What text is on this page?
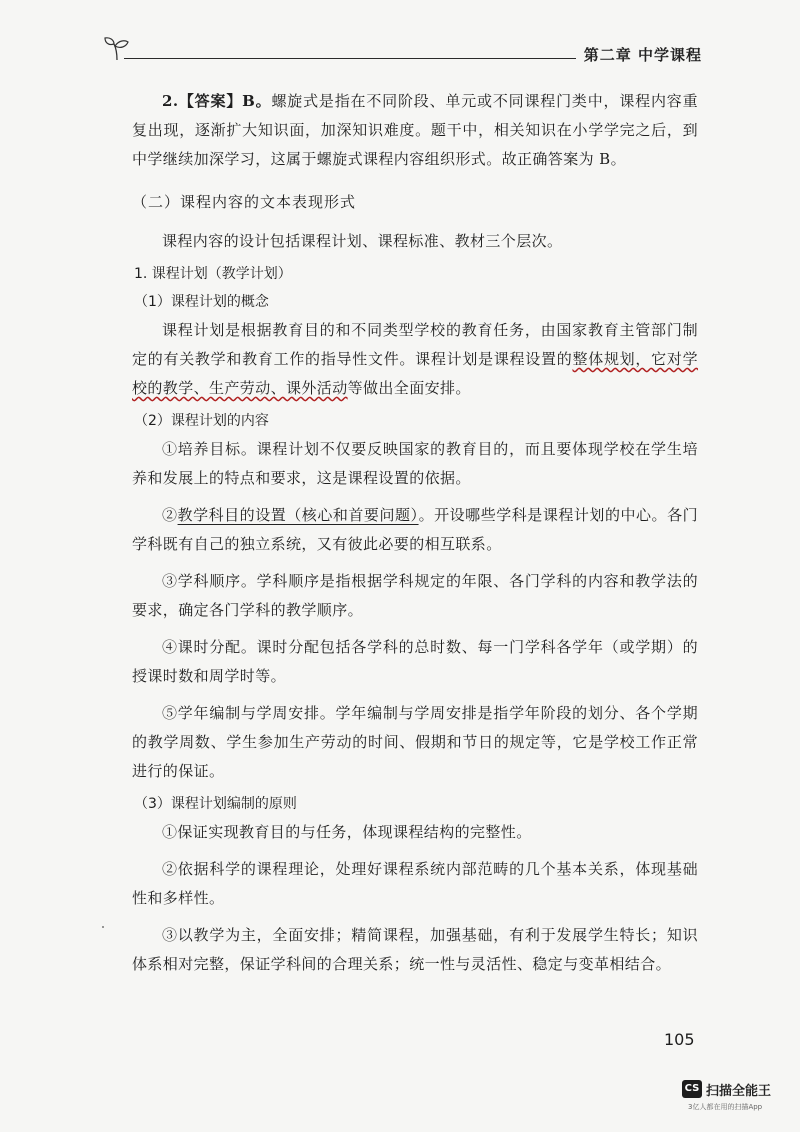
第二章 中学课程

2.【答案】B。螺旋式是指在不同阶段、单元或不同课程门类中，课程内容重复出现，逐渐扩大知识面，加深知识难度。题干中，相关知识在小学学完之后，到中学继续加深学习，这属于螺旋式课程内容组织形式。故正确答案为 B。

（二）课程内容的文本表现形式

课程内容的设计包括课程计划、课程标准、教材三个层次。

1. 课程计划（教学计划）
（1）课程计划的概念

课程计划是根据教育目的和不同类型学校的教育任务，由国家教育主管部门制定的有关教学和教育工作的指导性文件。课程计划是课程设置的整体规划，它对学校的教学、生产劳动、课外活动等做出全面安排。

（2）课程计划的内容

①培养目标。课程计划不仅要反映国家的教育目的，而且要体现学校在学生培养和发展上的特点和要求，这是课程设置的依据。

②教学科目的设置（核心和首要问题）。开设哪些学科是课程计划的中心。各门学科既有自己的独立系统，又有彼此必要的相互联系。

③学科顺序。学科顺序是指根据学科规定的年限、各门学科的内容和教学法的要求，确定各门学科的教学顺序。

④课时分配。课时分配包括各学科的总时数、每一门学科各学年（或学期）的授课时数和周学时等。

⑤学年编制与学周安排。学年编制与学周安排是指学年阶段的划分、各个学期的教学周数、学生参加生产劳动的时间、假期和节日的规定等，它是学校工作正常进行的保证。

（3）课程计划编制的原则

①保证实现教育目的与任务，体现课程结构的完整性。

②依据科学的课程理论，处理好课程系统内部范畴的几个基本关系，体现基础性和多样性。

③以教学为主，全面安排；精简课程，加强基础，有利于发展学生特长；知识体系相对完整，保证学科间的合理关系；统一性与灵活性、稳定与变革相结合。

105
CS 扫描全能王
3亿人都在用的扫描App
